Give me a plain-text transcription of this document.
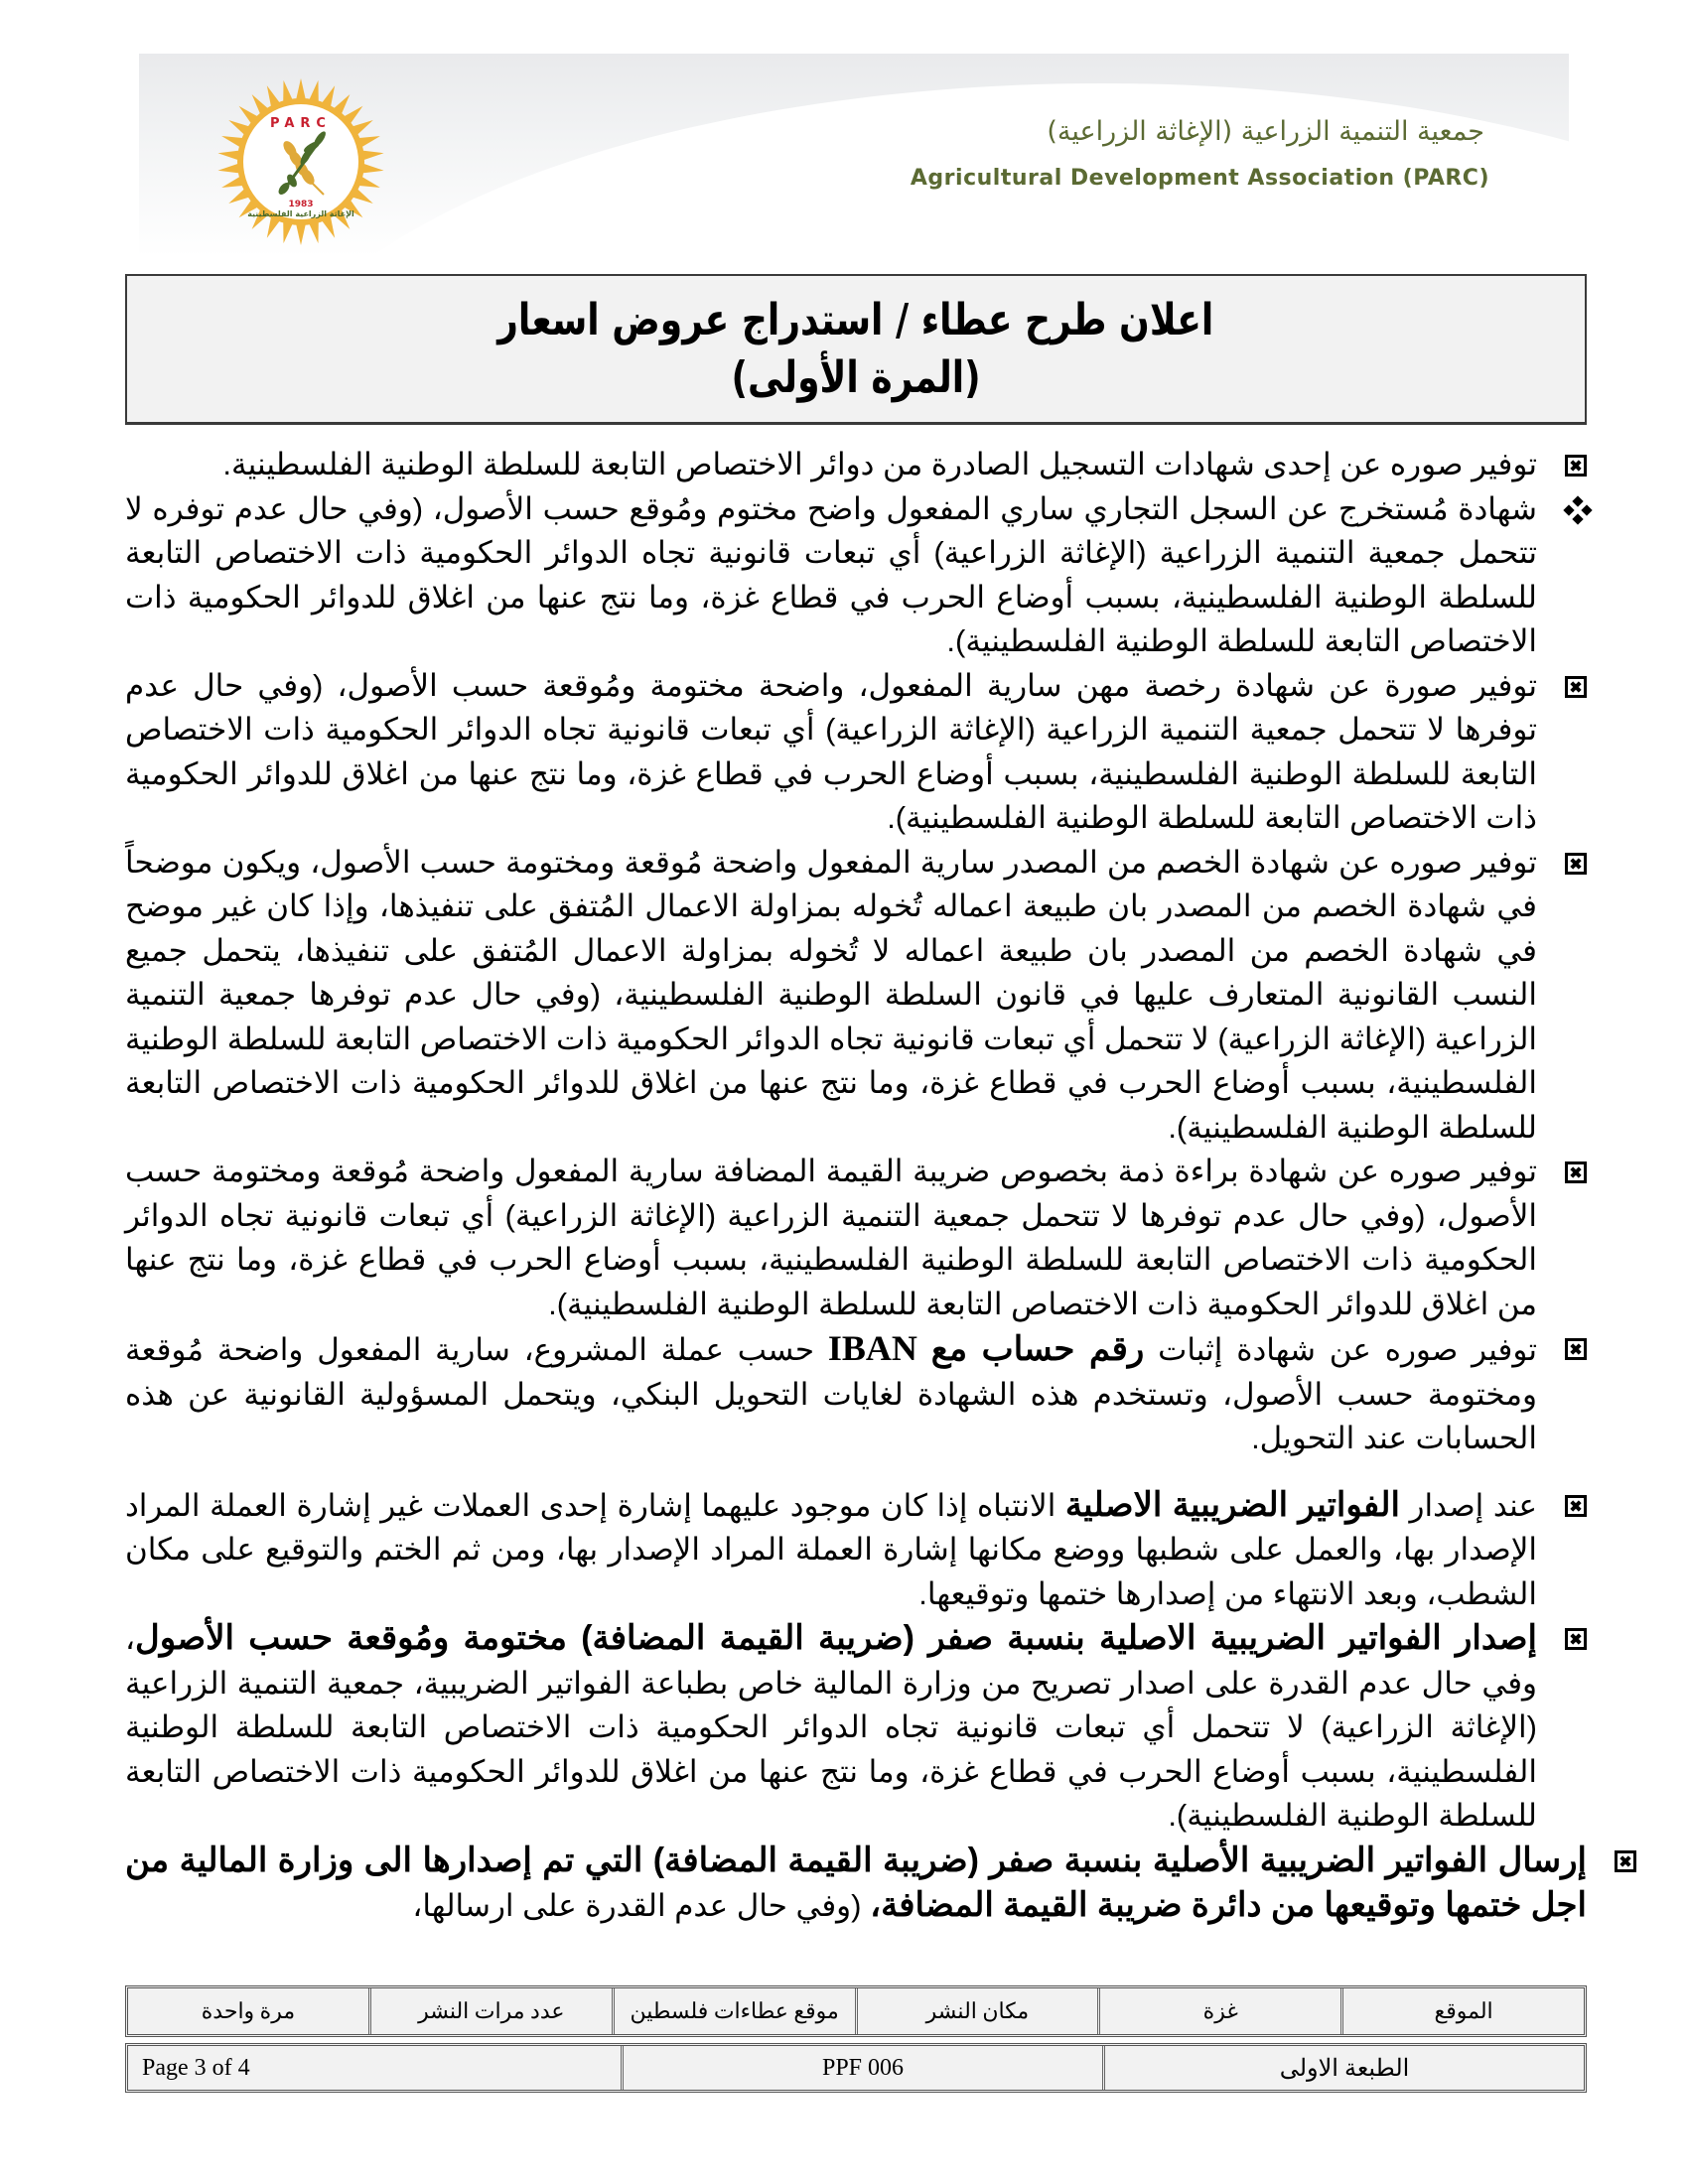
PARC
1983
الإغاثة الزراعية الفلسطينية
جمعية التنمية الزراعية (الإغاثة الزراعية)
Agricultural Development Association (PARC)
اعلان طرح عطاء / استدراج عروض اسعار
(المرة الأولى)
توفير صوره عن إحدى شهادات التسجيل الصادرة من دوائر الاختصاص التابعة للسلطة الوطنية الفلسطينية.
شهادة مُستخرج عن السجل التجاري ساري المفعول واضح مختوم ومُوقع حسب الأصول، (وفي حال عدم توفره لا تتحمل جمعية التنمية الزراعية (الإغاثة الزراعية) أي تبعات قانونية تجاه الدوائر الحكومية ذات الاختصاص التابعة للسلطة الوطنية الفلسطينية، بسبب أوضاع الحرب في قطاع غزة، وما نتج عنها من اغلاق للدوائر الحكومية ذات الاختصاص التابعة للسلطة الوطنية الفلسطينية).
توفير صورة عن شهادة رخصة مهن سارية المفعول، واضحة مختومة ومُوقعة حسب الأصول، (وفي حال عدم توفرها لا تتحمل جمعية التنمية الزراعية (الإغاثة الزراعية) أي تبعات قانونية تجاه الدوائر الحكومية ذات الاختصاص التابعة للسلطة الوطنية الفلسطينية، بسبب أوضاع الحرب في قطاع غزة، وما نتج عنها من اغلاق للدوائر الحكومية ذات الاختصاص التابعة للسلطة الوطنية الفلسطينية).
توفير صوره عن شهادة الخصم من المصدر سارية المفعول واضحة مُوقعة ومختومة حسب الأصول، ويكون موضحاً في شهادة الخصم من المصدر بان طبيعة اعماله تُخوله بمزاولة الاعمال المُتفق على تنفيذها، وإذا كان غير موضح في شهادة الخصم من المصدر بان طبيعة اعماله لا تُخوله بمزاولة الاعمال المُتفق على تنفيذها، يتحمل جميع النسب القانونية المتعارف عليها في قانون السلطة الوطنية الفلسطينية، (وفي حال عدم توفرها جمعية التنمية الزراعية (الإغاثة الزراعية) لا تتحمل أي تبعات قانونية تجاه الدوائر الحكومية ذات الاختصاص التابعة للسلطة الوطنية الفلسطينية، بسبب أوضاع الحرب في قطاع غزة، وما نتج عنها من اغلاق للدوائر الحكومية ذات الاختصاص التابعة للسلطة الوطنية الفلسطينية).
توفير صوره عن شهادة براءة ذمة بخصوص ضريبة القيمة المضافة سارية المفعول واضحة مُوقعة ومختومة حسب الأصول، (وفي حال عدم توفرها لا تتحمل جمعية التنمية الزراعية (الإغاثة الزراعية) أي تبعات قانونية تجاه الدوائر الحكومية ذات الاختصاص التابعة للسلطة الوطنية الفلسطينية، بسبب أوضاع الحرب في قطاع غزة، وما نتج عنها من اغلاق للدوائر الحكومية ذات الاختصاص التابعة للسلطة الوطنية الفلسطينية).
توفير صوره عن شهادة إثبات رقم حساب مع IBAN حسب عملة المشروع، سارية المفعول واضحة مُوقعة ومختومة حسب الأصول، وتستخدم هذه الشهادة لغايات التحويل البنكي، ويتحمل المسؤولية القانونية عن هذه الحسابات عند التحويل.
عند إصدار الفواتير الضريبية الاصلية الانتباه إذا كان موجود عليهما إشارة إحدى العملات غير إشارة العملة المراد الإصدار بها، والعمل على شطبها ووضع مكانها إشارة العملة المراد الإصدار بها، ومن ثم الختم والتوقيع على مكان الشطب، وبعد الانتهاء من إصدارها ختمها وتوقيعها.
إصدار الفواتير الضريبية الاصلية بنسبة صفر (ضريبة القيمة المضافة) مختومة ومُوقعة حسب الأصول، وفي حال عدم القدرة على اصدار تصريح من وزارة المالية خاص بطباعة الفواتير الضريبية، جمعية التنمية الزراعية (الإغاثة الزراعية) لا تتحمل أي تبعات قانونية تجاه الدوائر الحكومية ذات الاختصاص التابعة للسلطة الوطنية الفلسطينية، بسبب أوضاع الحرب في قطاع غزة، وما نتج عنها من اغلاق للدوائر الحكومية ذات الاختصاص التابعة للسلطة الوطنية الفلسطينية).
إرسال الفواتير الضريبية الأصلية بنسبة صفر (ضريبة القيمة المضافة) التي تم إصدارها الى وزارة المالية من اجل ختمها وتوقيعها من دائرة ضريبة القيمة المضافة، (وفي حال عدم القدرة على ارسالها،
الموقع
غزة
مكان النشر
موقع عطاءات فلسطين
عدد مرات النشر
مرة واحدة
الطبعة الاولى
PPF 006
Page 3 of 4
